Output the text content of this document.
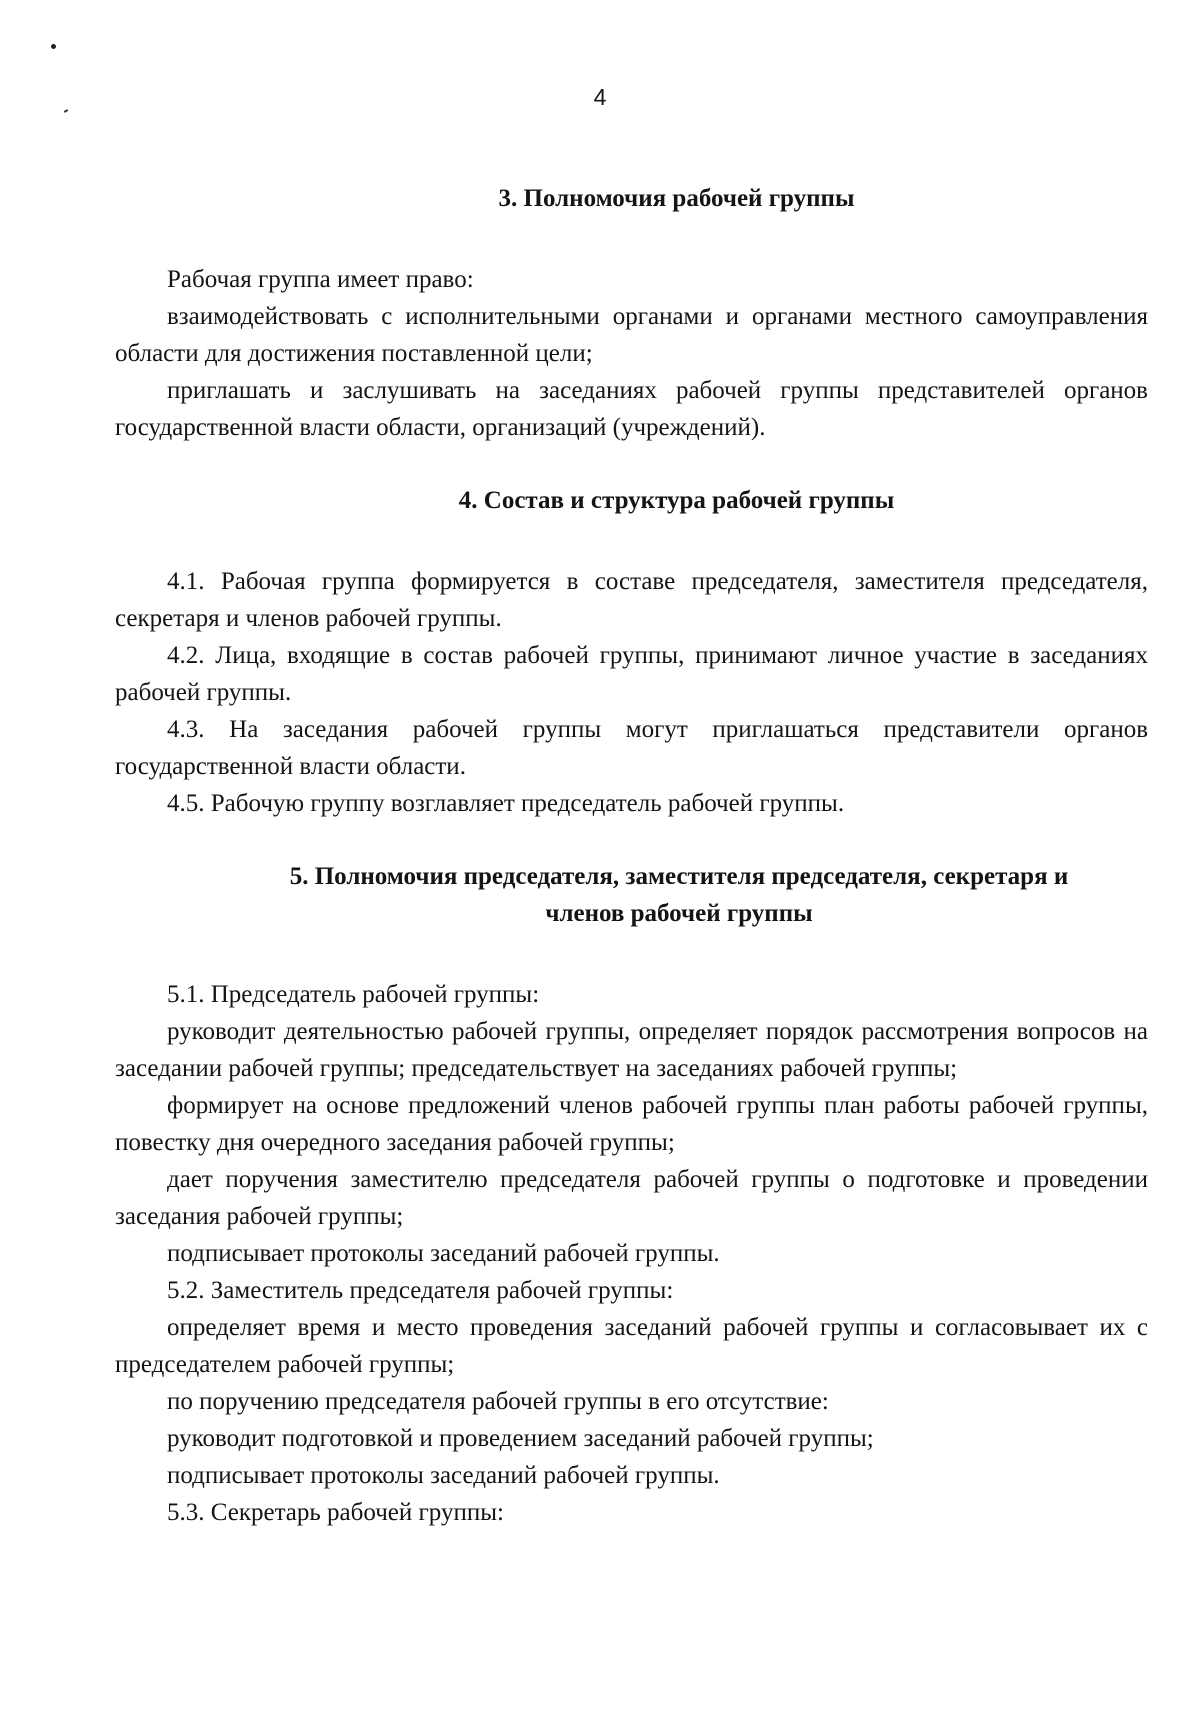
4

3. Полномочия рабочей группы

Рабочая группа имеет право:

взаимодействовать с исполнительными органами и органами местного самоуправления области для достижения поставленной цели;

приглашать и заслушивать на заседаниях рабочей группы представителей органов государственной власти области, организаций (учреждений).

4. Состав и структура рабочей группы

4.1. Рабочая группа формируется в составе председателя, заместителя председателя, секретаря и членов рабочей группы.

4.2. Лица, входящие в состав рабочей группы, принимают личное участие в заседаниях рабочей группы.

4.3. На заседания рабочей группы могут приглашаться представители органов государственной власти области.

4.5. Рабочую группу возглавляет председатель рабочей группы.

5. Полномочия председателя, заместителя председателя, секретаря и

членов рабочей группы

5.1. Председатель рабочей группы:

руководит деятельностью рабочей группы, определяет порядок рассмотрения вопросов на заседании рабочей группы; председательствует на заседаниях рабочей группы;

формирует на основе предложений членов рабочей группы план работы рабочей группы, повестку дня очередного заседания рабочей группы;

дает поручения заместителю председателя рабочей группы о подготовке и проведении заседания рабочей группы;

подписывает протоколы заседаний рабочей группы.

5.2. Заместитель председателя рабочей группы:

определяет время и место проведения заседаний рабочей группы и согласовывает их с председателем рабочей группы;

по поручению председателя рабочей группы в его отсутствие:

руководит подготовкой и проведением заседаний рабочей группы;

подписывает протоколы заседаний рабочей группы.

5.3. Секретарь рабочей группы:
